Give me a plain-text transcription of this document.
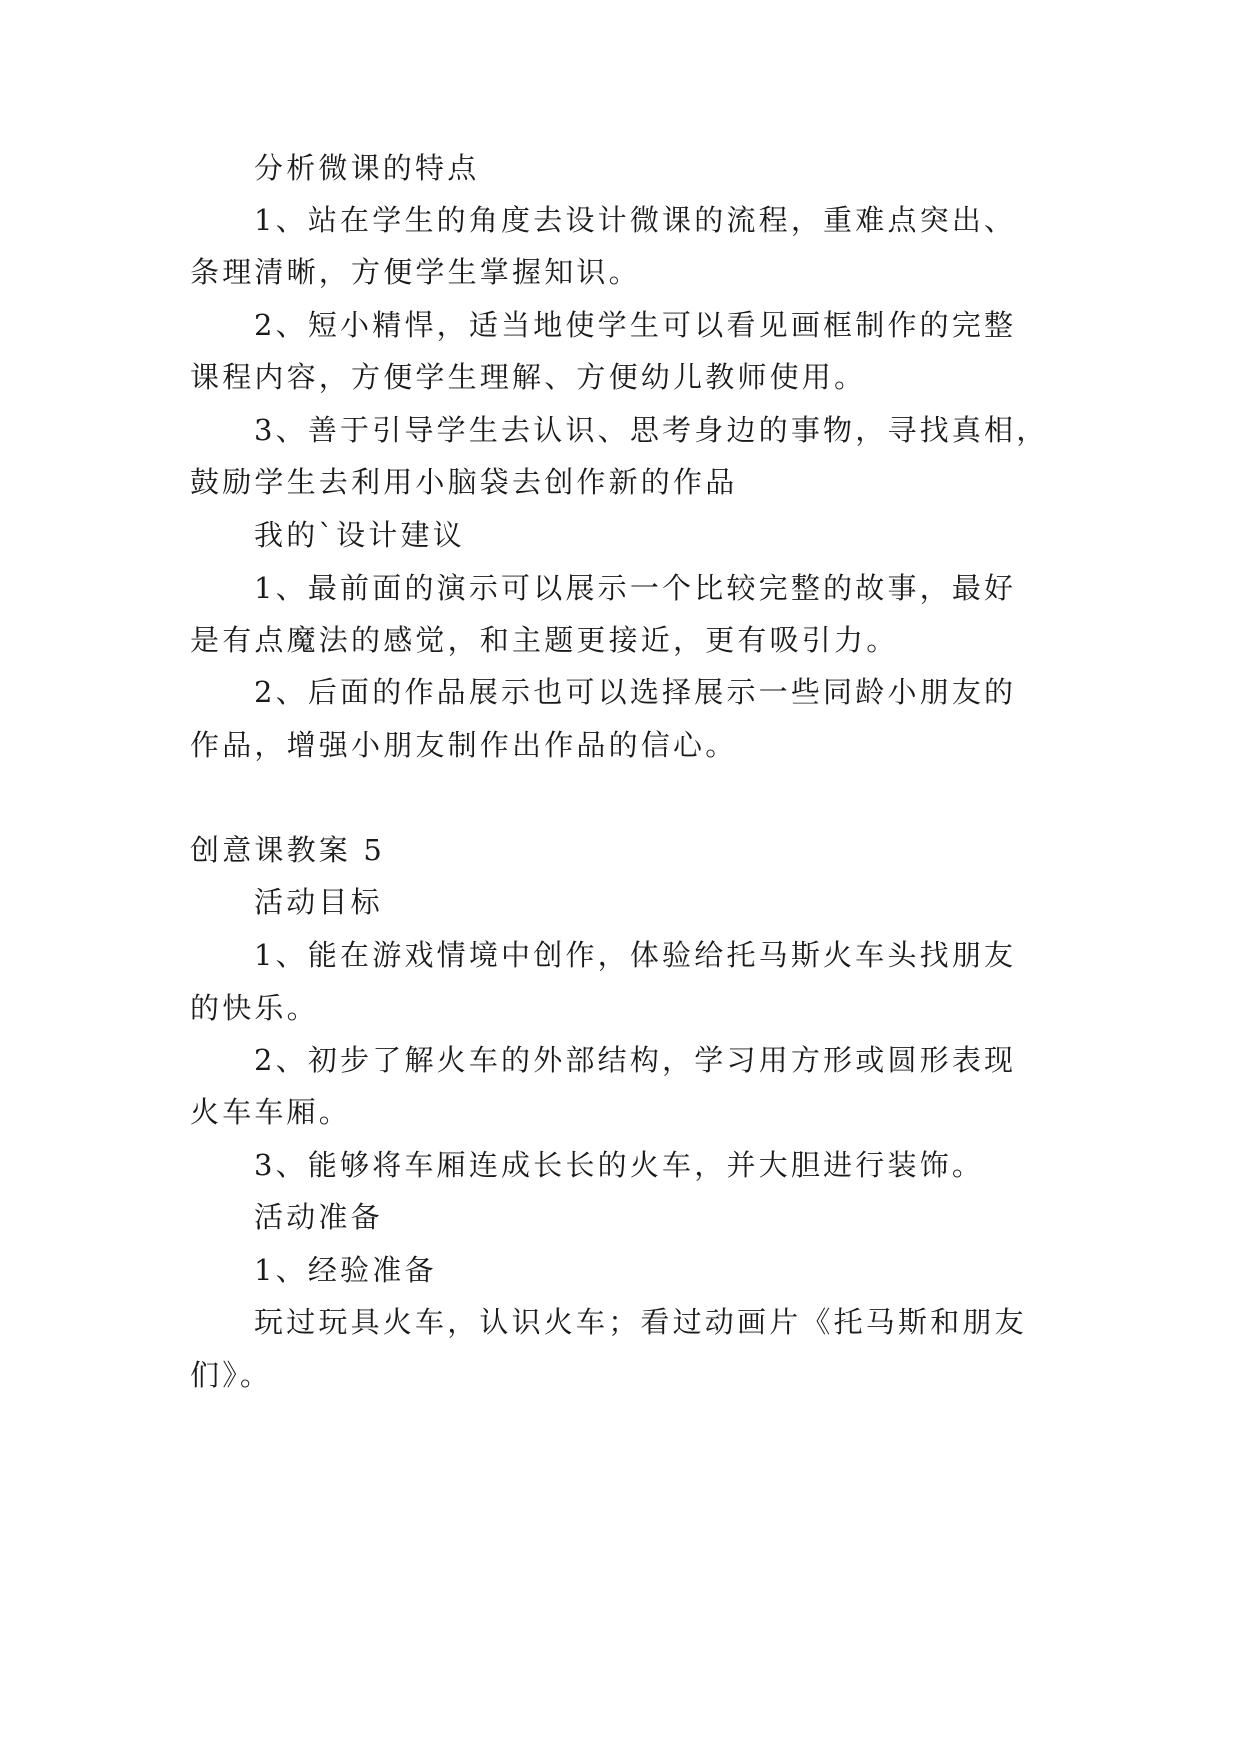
分析微课的特点
1、站在学生的角度去设计微课的流程，重难点突出、
条理清晰，方便学生掌握知识。
2、短小精悍，适当地使学生可以看见画框制作的完整
课程内容，方便学生理解、方便幼儿教师使用。
3、善于引导学生去认识、思考身边的事物，寻找真相，
鼓励学生去利用小脑袋去创作新的作品
我的`设计建议
1、最前面的演示可以展示一个比较完整的故事，最好
是有点魔法的感觉，和主题更接近，更有吸引力。
2、后面的作品展示也可以选择展示一些同龄小朋友的
作品，增强小朋友制作出作品的信心。
创意课教案 5
活动目标
1、能在游戏情境中创作，体验给托马斯火车头找朋友
的快乐。
2、初步了解火车的外部结构，学习用方形或圆形表现
火车车厢。
3、能够将车厢连成长长的火车，并大胆进行装饰。
活动准备
1、经验准备
玩过玩具火车，认识火车；看过动画片《托马斯和朋友
们》。
